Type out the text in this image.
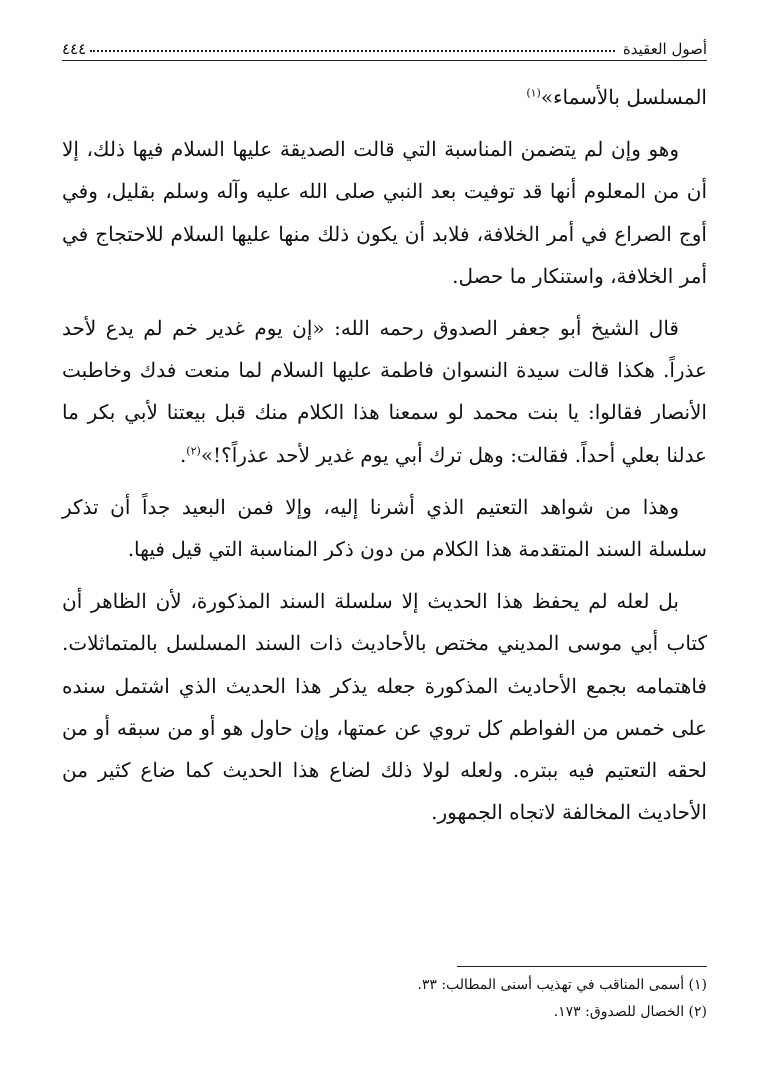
أصول العقيدة
٤٤٤

المسلسل بالأسماء»$^{(١)}$

وهو وإن لم يتضمن المناسبة التي قالت الصديقة عليها السلام فيها ذلك، إلا أن من المعلوم أنها قد توفيت بعد النبي صلى الله عليه وآله وسلم بقليل، وفي أوج الصراع في أمر الخلافة، فلابد أن يكون ذلك منها عليها السلام للاحتجاج في أمر الخلافة، واستنكار ما حصل.

قال الشيخ أبو جعفر الصدوق رحمه الله: «إن يوم غدير خم لم يدع لأحد عذراً. هكذا قالت سيدة النسوان فاطمة عليها السلام لما منعت فدك وخاطبت الأنصار فقالوا: يا بنت محمد لو سمعنا هذا الكلام منك قبل بيعتنا لأبي بكر ما عدلنا بعلي أحداً. فقالت: وهل ترك أبي يوم غدير لأحد عذراً؟!»$^{(٢)}$.

وهذا من شواهد التعتيم الذي أشرنا إليه، وإلا فمن البعيد جداً أن تذكر سلسلة السند المتقدمة هذا الكلام من دون ذكر المناسبة التي قيل فيها.

بل لعله لم يحفظ هذا الحديث إلا سلسلة السند المذكورة، لأن الظاهر أن كتاب أبي موسى المديني مختص بالأحاديث ذات السند المسلسل بالمتماثلات. فاهتمامه بجمع الأحاديث المذكورة جعله يذكر هذا الحديث الذي اشتمل سنده على خمس من الفواطم كل تروي عن عمتها، وإن حاول هو أو من سبقه أو من لحقه التعتيم فيه ببتره. ولعله لولا ذلك لضاع هذا الحديث كما ضاع كثير من الأحاديث المخالفة لاتجاه الجمهور.

(١) أسمى المناقب في تهذيب أسنى المطالب: ٣٣.
(٢) الخصال للصدوق: ١٧٣.
